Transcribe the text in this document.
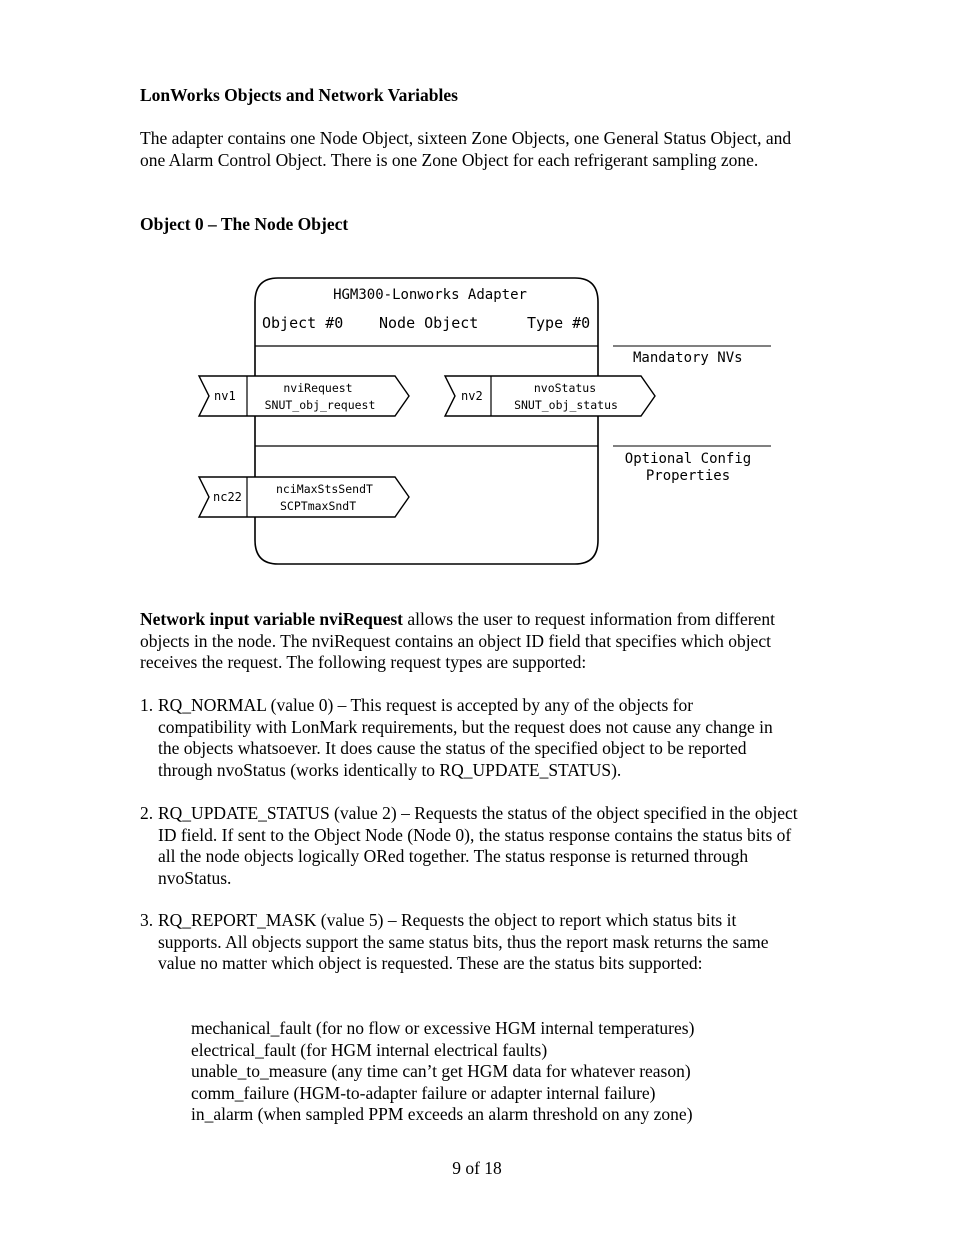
LonWorks Objects and Network Variables
The adapter contains one Node Object, sixteen Zone Objects, one General Status Object, and one Alarm Control Object. There is one Zone Object for each refrigerant sampling zone.
Object 0 – The Node Object
HGM300-Lonworks Adapter
Object #0 Node Object	Type #0
Mandatory NVs
Optional Config
Properties
nv1
nviRequest
SNUT_obj_request
nv2
nvoStatus
SNUT_obj_status
nc22
nciMaxStsSendT
SCPTmaxSndT
Network input variable nviRequest allows the user to request information from different objects in the node. The nviRequest contains an object ID field that specifies which object receives the request. The following request types are supported:
1. RQ_NORMAL (value 0) – This request is accepted by any of the objects for compatibility with LonMark requirements, but the request does not cause any change in the objects whatsoever. It does cause the status of the specified object to be reported through nvoStatus (works identically to RQ_UPDATE_STATUS).
2. RQ_UPDATE_STATUS (value 2) – Requests the status of the object specified in the object ID field. If sent to the Object Node (Node 0), the status response contains the status bits of all the node objects logically ORed together. The status response is returned through nvoStatus.
3. RQ_REPORT_MASK (value 5) – Requests the object to report which status bits it supports. All objects support the same status bits, thus the report mask returns the same value no matter which object is requested. These are the status bits supported:
mechanical_fault (for no flow or excessive HGM internal temperatures)
electrical_fault (for HGM internal electrical faults)
unable_to_measure (any time can’t get HGM data for whatever reason)
comm_failure (HGM-to-adapter failure or adapter internal failure)
in_alarm (when sampled PPM exceeds an alarm threshold on any zone)
9 of 18
